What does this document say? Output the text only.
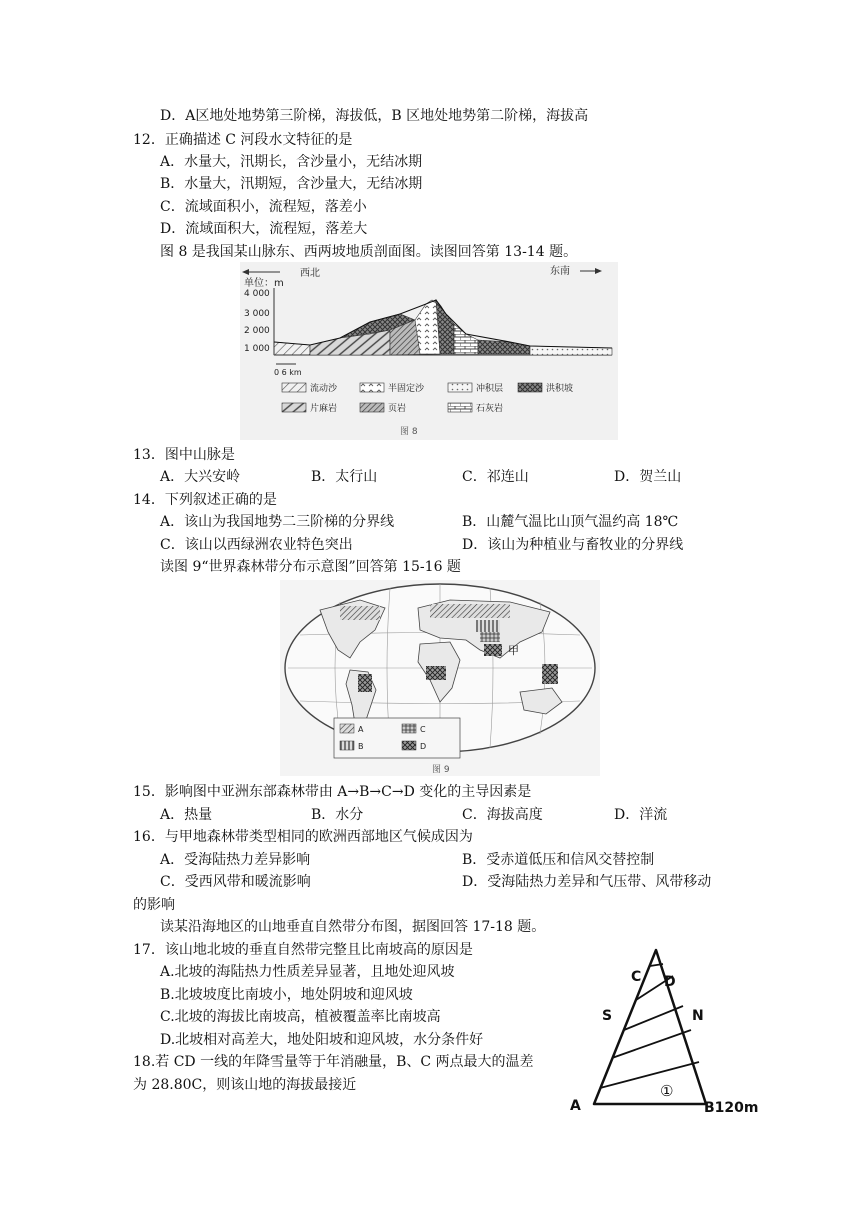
D．A区地处地势第三阶梯，海拔低，B 区地处地势第二阶梯，海拔高
12．正确描述 C 河段水文特征的是
A．水量大，汛期长，含沙量小，无结冰期
B．水量大，汛期短，含沙量大，无结冰期
C．流域面积小，流程短，落差小
D．流域面积大，流程短，落差大
图 8 是我国某山脉东、西两坡地质剖面图。读图回答第 13-14 题。
西北	东南
单位：m
4 000
3 000
2 000
1 000
0 6 km
流动沙	半固定沙	冲积层	洪积坡
片麻岩	页岩	石灰岩
图 8
13．图中山脉是
A．大兴安岭	B．太行山	C．祁连山	D．贺兰山
14．下列叙述正确的是
A．该山为我国地势二三阶梯的分界线	B．山麓气温比山顶气温约高 18℃
C．该山以西绿洲农业特色突出	D．该山为种植业与畜牧业的分界线
读图 9“世界森林带分布示意图”回答第 15-16 题
甲
A
B
C
D
图 9
15．影响图中亚洲东部森林带由 A→B→C→D 变化的主导因素是
A．热量	B．水分	C．海拔高度	D．洋流
16．与甲地森林带类型相同的欧洲西部地区气候成因为
A．受海陆热力差异影响	B．受赤道低压和信风交替控制
C．受西风带和暖流影响	D．受海陆热力差异和气压带、风带移动
的影响
读某沿海地区的山地垂直自然带分布图，据图回答 17-18 题。
17．该山地北坡的垂直自然带完整且比南坡高的原因是
A.北坡的海陆热力性质差异显著，且地处迎风坡
B.北坡坡度比南坡小，地处阴坡和迎风坡
C.北坡的海拔比南坡高，植被覆盖率比南坡高
D.北坡相对高差大，地处阳坡和迎风坡，水分条件好
18.若 CD 一线的年降雪量等于年消融量，B、C 两点最大的温差
为 28.80C，则该山地的海拔最接近
C D
S	N
①
A	B120m
